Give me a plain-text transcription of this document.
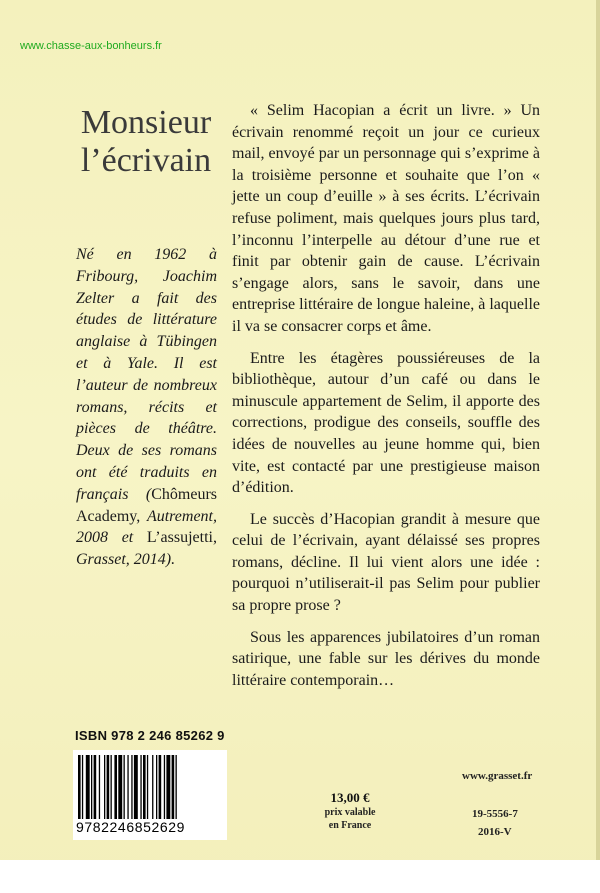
www.chasse-aux-bonheurs.fr
Monsieur
l’écrivain
Né en 1962 à Fribourg, Joachim Zelter a fait des études de littérature anglaise à Tübingen et à Yale. Il est l’auteur de nombreux romans, récits et pièces de théâtre. Deux de ses romans ont été traduits en français (Chômeurs Academy, Autrement, 2008 et L’assujetti, Grasset, 2014).

« Selim Hacopian a écrit un livre. » Un écrivain renommé reçoit un jour ce curieux mail, envoyé par un personnage qui s’exprime à la troisième personne et souhaite que l’on « jette un coup d’euille » à ses écrits. L’écrivain refuse poliment, mais quelques jours plus tard, l’inconnu l’interpelle au détour d’une rue et finit par obtenir gain de cause. L’écrivain s’engage alors, sans le savoir, dans une entreprise littéraire de longue haleine, à laquelle il va se consacrer corps et âme.

Entre les étagères poussiéreuses de la bibliothèque, autour d’un café ou dans le minuscule appartement de Selim, il apporte des corrections, prodigue des conseils, souffle des idées de nouvelles au jeune homme qui, bien vite, est contacté par une prestigieuse maison d’édition.

Le succès d’Hacopian grandit à mesure que celui de l’écrivain, ayant délaissé ses propres romans, décline. Il lui vient alors une idée : pourquoi n’utiliserait-il pas Selim pour publier sa propre prose ?

Sous les apparences jubilatoires d’un roman satirique, une fable sur les dérives du monde littéraire contemporain…

ISBN 978 2 246 85262 9
9782246852629
13,00 €
prix valable
en France
www.grasset.fr
19-5556-7
2016-V
